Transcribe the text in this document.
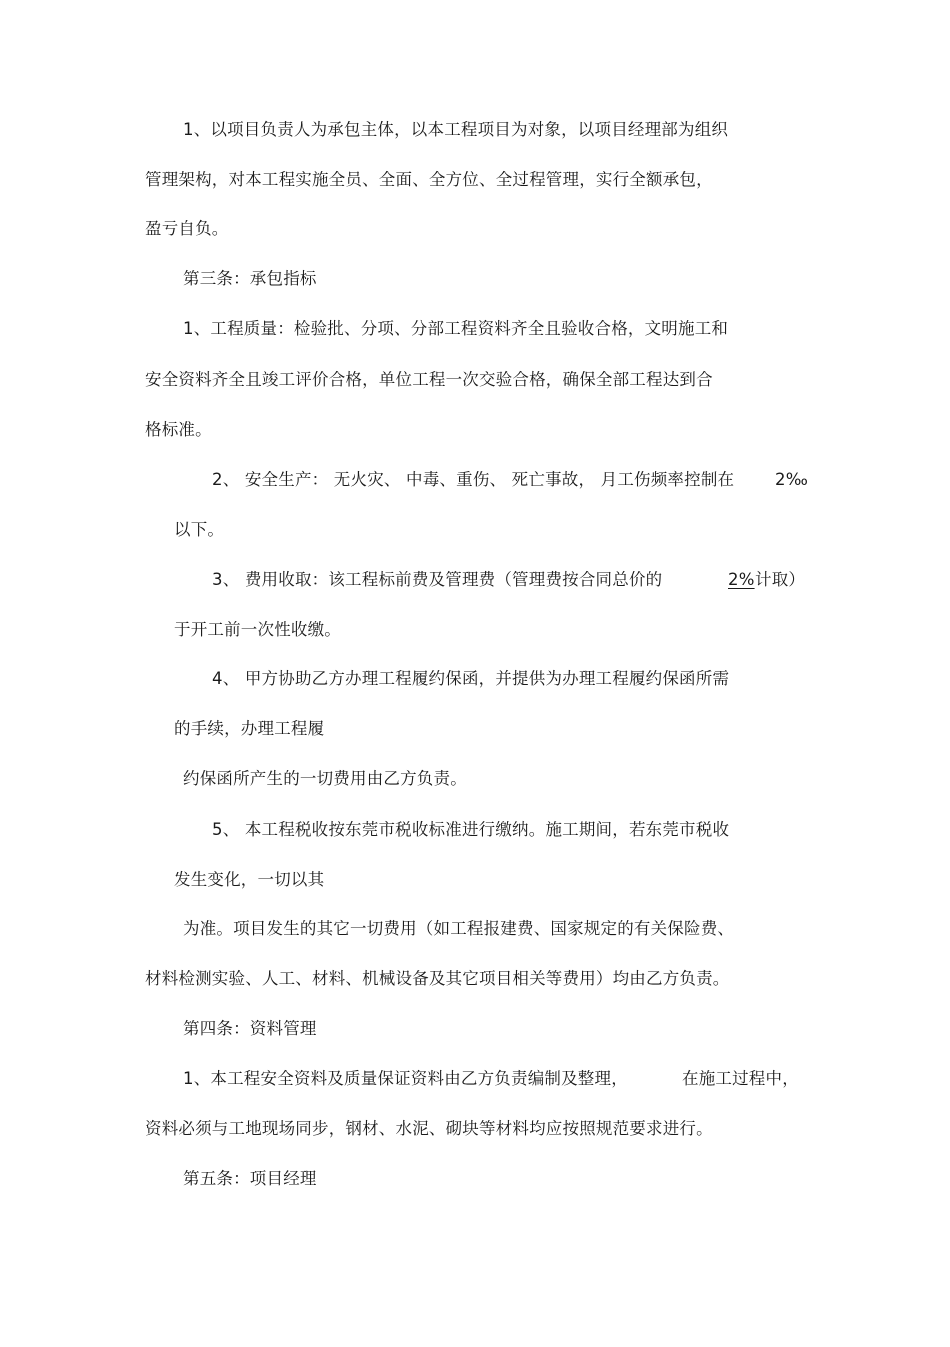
1、以项目负责人为承包主体，以本工程项目为对象，以项目经理部为组织
管理架构，对本工程实施全员、全面、全方位、全过程管理，实行全额承包，
盈亏自负。
第三条：承包指标
1、工程质量：检验批、分项、分部工程资料齐全且验收合格，文明施工和
安全资料齐全且竣工评价合格，单位工程一次交验合格，确保全部工程达到合
格标准。
2、 安全生产： 无火灾、 中毒、重伤、 死亡事故， 月工伤频率控制在 2‰
以下。
3、 费用收取：该工程标前费及管理费（管理费按合同总价的	2% 计取）
于开工前一次性收缴。
4、 甲方协助乙方办理工程履约保函，并提供为办理工程履约保函所需
的手续，办理工程履
约保函所产生的一切费用由乙方负责。
5、 本工程税收按东莞市税收标准进行缴纳。施工期间，若东莞市税收
发生变化，一切以其
为准。项目发生的其它一切费用（如工程报建费、国家规定的有关保险费、
材料检测实验、人工、材料、机械设备及其它项目相关等费用）均由乙方负责。
第四条：资料管理
1、本工程安全资料及质量保证资料由乙方负责编制及整理，	在施工过程中，
资料必须与工地现场同步，钢材、水泥、砌块等材料均应按照规范要求进行。
第五条：项目经理
